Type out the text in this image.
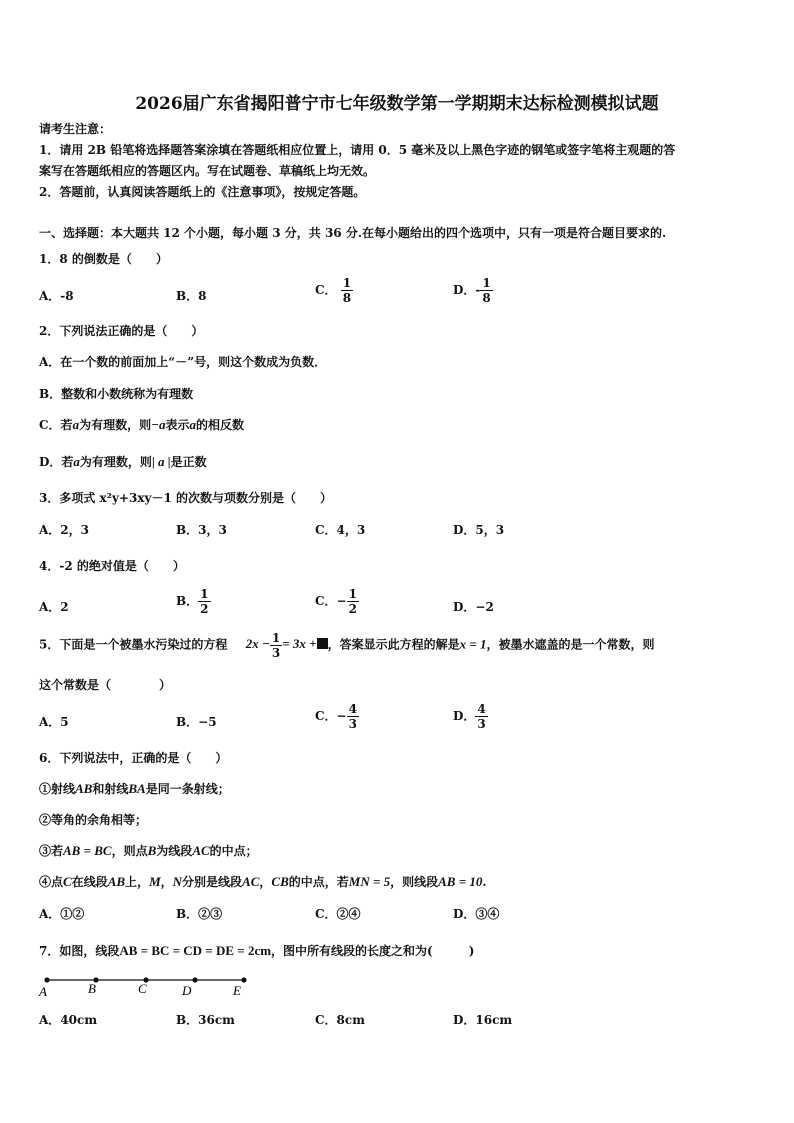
2026届广东省揭阳普宁市七年级数学第一学期期末达标检测模拟试题
请考生注意：
1．请用 2B 铅笔将选择题答案涂填在答题纸相应位置上，请用 0．5 毫米及以上黑色字迹的钢笔或签字笔将主观题的答
案写在答题纸相应的答题区内。写在试题卷、草稿纸上均无效。
2．答题前，认真阅读答题纸上的《注意事项》，按规定答题。
一、选择题：本大题共 12 个小题，每小题 3 分，共 36 分.在每小题给出的四个选项中，只有一项是符合题目要求的.
1．8 的倒数是（　　）
A．-8	B．8	C． $\frac{1}{8}$	D．- $\frac{1}{8}$
2．下列说法正确的是（　　）
A．在一个数的前面加上“－”号，则这个数成为负数．
B．整数和小数统称为有理数
C．若a为有理数，则−a表示a的相反数
D．若a为有理数，则| a |是正数
3．多项式 x²y+3xy－1 的次数与项数分别是（　　）
A．2，3	B．3，3	C．4，3	D．5，3
4．-2 的绝对值是（　　）
A．2	B． $\frac{1}{2}$	C．− $\frac{1}{2}$	D．−2
5．下面是一个被墨水污染过的方程 $2x - \frac{1}{3} = 3x$ + ，答案显示此方程的解是x = 1，被墨水遮盖的是一个常数，则
这个常数是（　　　　）
A．5	B．−5	C．− $\frac{4}{3}$	D． $\frac{4}{3}$
6．下列说法中，正确的是（　　）
①射线AB和射线BA是同一条射线；
②等角的余角相等；
③若AB = BC，则点B为线段AC的中点；
④点C在线段AB上，M，N分别是线段AC，CB的中点，若MN = 5，则线段AB = 10.
A．①②	B．②③	C．②④	D．③④
7．如图，线段AB = BC = CD = DE = 2cm，图中所有线段的长度之和为(　　　)
A	B	C	D	E
A．40cm	B．36cm	C．8cm	D．16cm
